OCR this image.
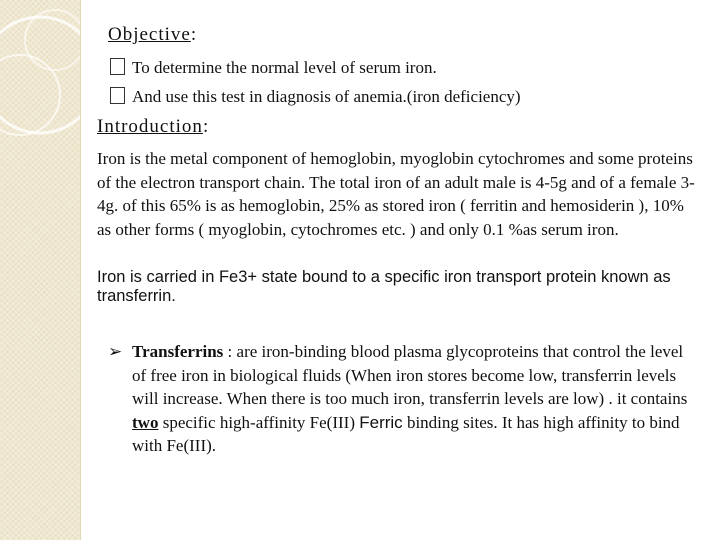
Objective:
To determine the normal level of serum iron.
And use this test in diagnosis of anemia.(iron deficiency)
Introduction:
Iron is the metal component of hemoglobin, myoglobin cytochromes and some proteins of the electron transport chain. The total iron of an adult male is 4-5g and of a female 3-4g. of this 65% is as hemoglobin, 25% as stored iron ( ferritin and hemosiderin ), 10% as other forms ( myoglobin, cytochromes etc. ) and only 0.1 %as serum iron.
Iron is carried in Fe3+ state bound to a specific iron transport protein known as transferrin.
➢ Transferrins : are iron-binding blood plasma glycoproteins that control the level of free iron in biological fluids (When iron stores become low, transferrin levels will increase. When there is too much iron, transferrin levels are low) . it contains two specific high-affinity Fe(III) Ferric binding sites. It has high affinity to bind with Fe(III).
